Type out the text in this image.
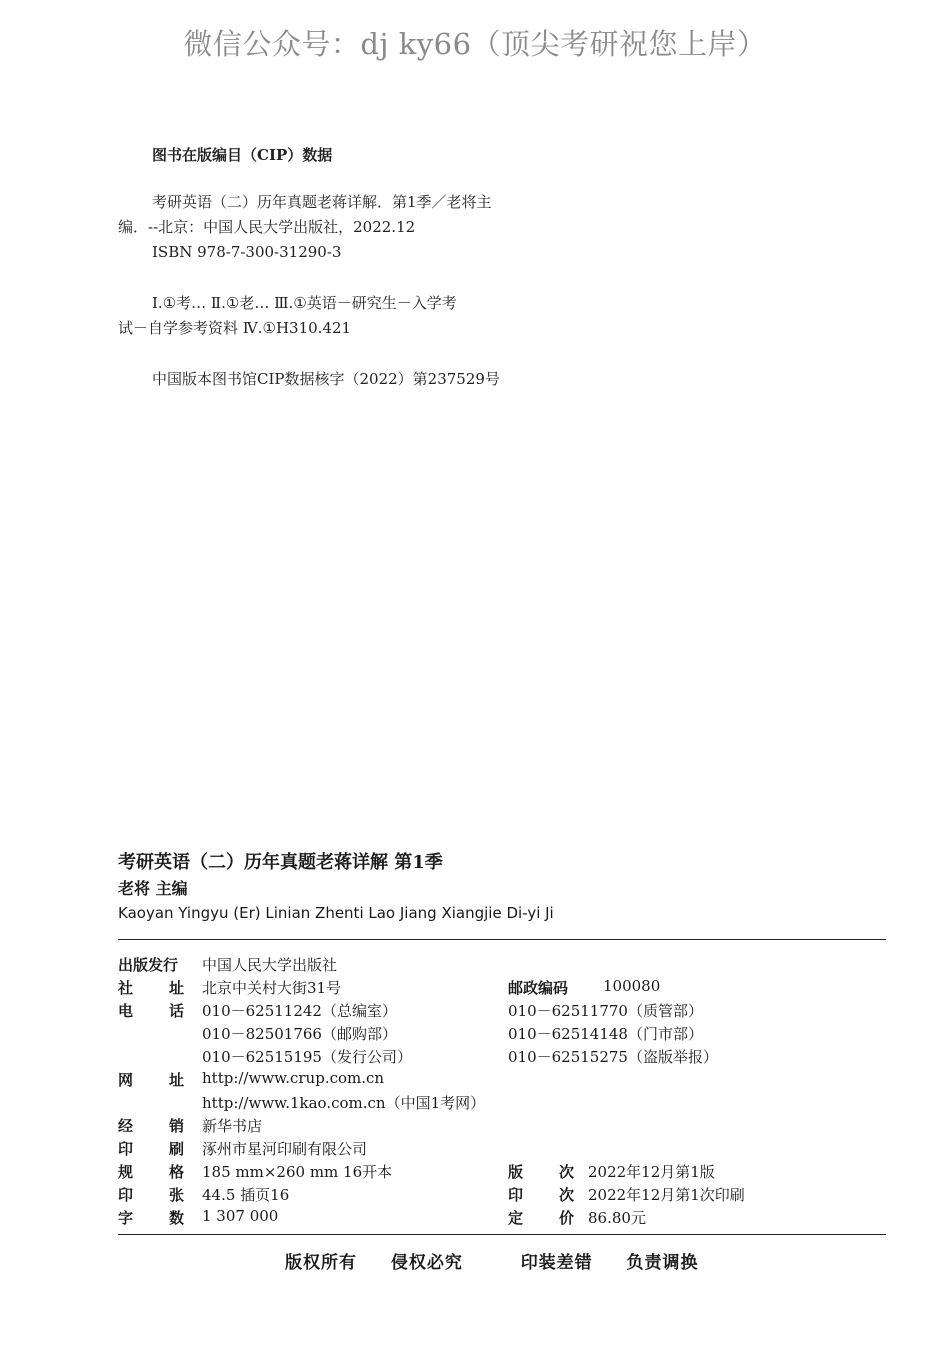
微信公众号：dj ky66（顶尖考研祝您上岸）
图书在版编目（CIP）数据
考研英语（二）历年真题老蒋详解．第1季／老将主
编．--北京：中国人民大学出版社，2022.12
ISBN 978-7-300-31290-3
Ⅰ.①考… Ⅱ.①老… Ⅲ.①英语－研究生－入学考
试－自学参考资料 Ⅳ.①H310.421
中国版本图书馆CIP数据核字（2022）第237529号
考研英语（二）历年真题老蒋详解 第1季
老将 主编
Kaoyan Yingyu (Er) Linian Zhenti Lao Jiang Xiangjie Di-yi Ji
出版发行	中国人民大学出版社
社 址 北京中关村大街31号	邮政编码	100080
电 话 010－62511242（总编室）	010－62511770（质管部）
010－82501766（邮购部）	010－62514148（门市部）
010－62515195（发行公司）	010－62515275（盗版举报）
网 址 http://www.crup.com.cn
http://www.1kao.com.cn（中国1考网）
经 销 新华书店
印 刷 涿州市星河印刷有限公司
规 格 185 mm×260 mm 16开本	版 次 2022年12月第1版
印 张 44.5 插页16	印 次 2022年12月第1次印刷
字 数 1 307 000	定 价 86.80元
版权所有 侵权必究	印装差错 负责调换
